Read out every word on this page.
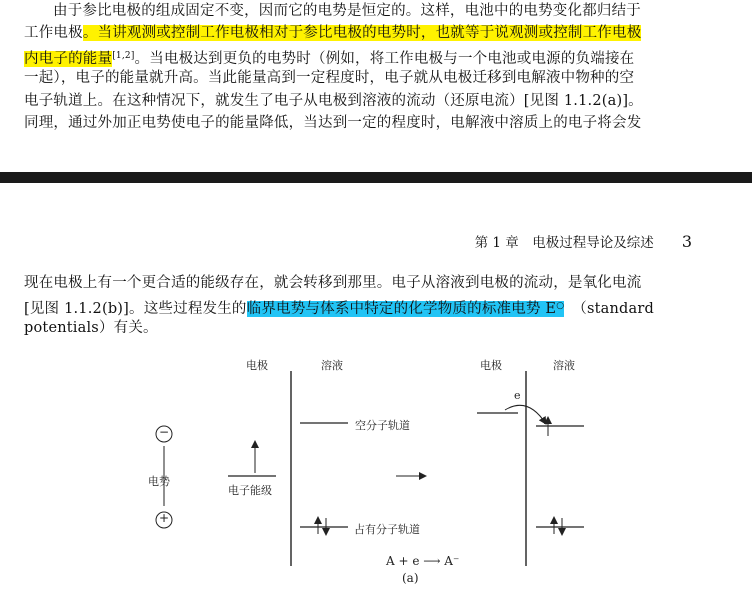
由于参比电极的组成固定不变，因而它的电势是恒定的。这样，电池中的电势变化都归结于
工作电极。当讲观测或控制工作电极相对于参比电极的电势时，也就等于说观测或控制工作电极
内电子的能量[1,2]。当电极达到更负的电势时（例如，将工作电极与一个电池或电源的负端接在
一起），电子的能量就升高。当此能量高到一定程度时，电子就从电极迁移到电解液中物种的空
电子轨道上。在这种情况下，就发生了电子从电极到溶液的流动（还原电流）[见图 1.1.2(a)]。
同理，通过外加正电势使电子的能量降低，当达到一定的程度时，电解液中溶质上的电子将会发
第 1 章　电极过程导论及综述 3
现在电极上有一个更合适的能级存在，就会转移到那里。电子从溶液到电极的流动，是氧化电流
[见图 1.1.2(b)]。这些过程发生的临界电势与体系中特定的化学物质的标准电势 E○ （standard
potentials）有关。
电极	溶液	电极	溶液
−
+
电势
电子能级
空分子轨道
占有分子轨道
e
A + e ⟶ A⁻
(a)
